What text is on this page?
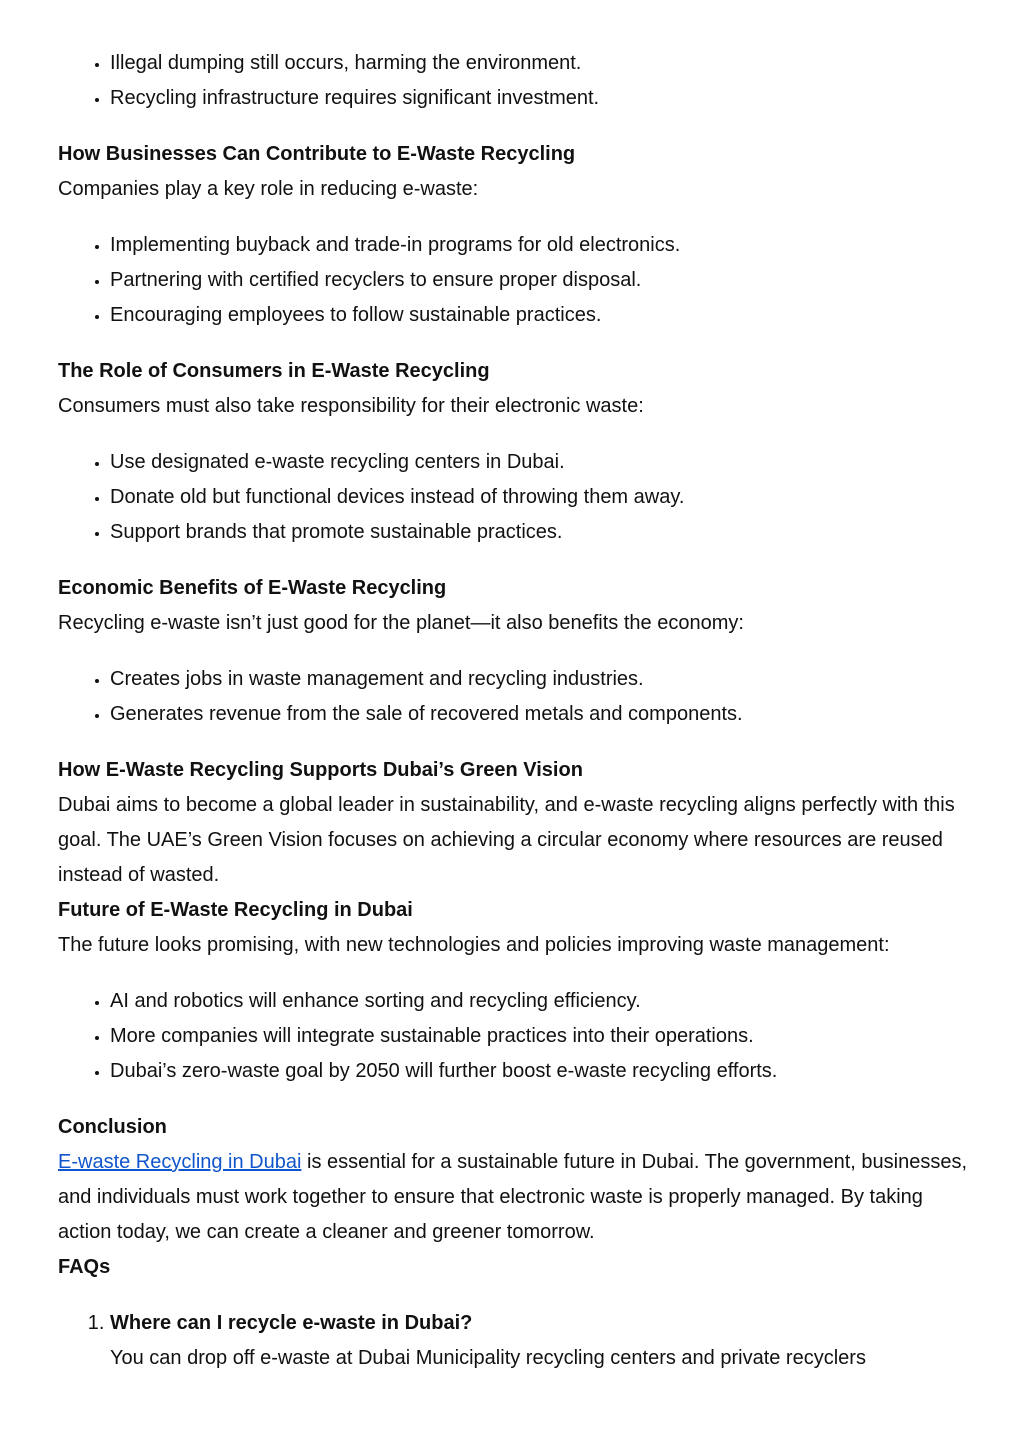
• Illegal dumping still occurs, harming the environment.
• Recycling infrastructure requires significant investment.
How Businesses Can Contribute to E-Waste Recycling

Companies play a key role in reducing e-waste:

• Implementing buyback and trade-in programs for old electronics.
• Partnering with certified recyclers to ensure proper disposal.
• Encouraging employees to follow sustainable practices.
The Role of Consumers in E-Waste Recycling

Consumers must also take responsibility for their electronic waste:

• Use designated e-waste recycling centers in Dubai.
• Donate old but functional devices instead of throwing them away.
• Support brands that promote sustainable practices.
Economic Benefits of E-Waste Recycling

Recycling e-waste isn’t just good for the planet—it also benefits the economy:

• Creates jobs in waste management and recycling industries.
• Generates revenue from the sale of recovered metals and components.
How E-Waste Recycling Supports Dubai’s Green Vision

Dubai aims to become a global leader in sustainability, and e-waste recycling aligns perfectly with this goal. The UAE’s Green Vision focuses on achieving a circular economy where resources are reused instead of wasted.

Future of E-Waste Recycling in Dubai

The future looks promising, with new technologies and policies improving waste management:

• AI and robotics will enhance sorting and recycling efficiency.
• More companies will integrate sustainable practices into their operations.
• Dubai’s zero-waste goal by 2050 will further boost e-waste recycling efforts.
Conclusion

E-waste Recycling in Dubai is essential for a sustainable future in Dubai. The government, businesses, and individuals must work together to ensure that electronic waste is properly managed. By taking action today, we can create a cleaner and greener tomorrow.

FAQs
1. Where can I recycle e-waste in Dubai?
You can drop off e-waste at Dubai Municipality recycling centers and private recyclers
